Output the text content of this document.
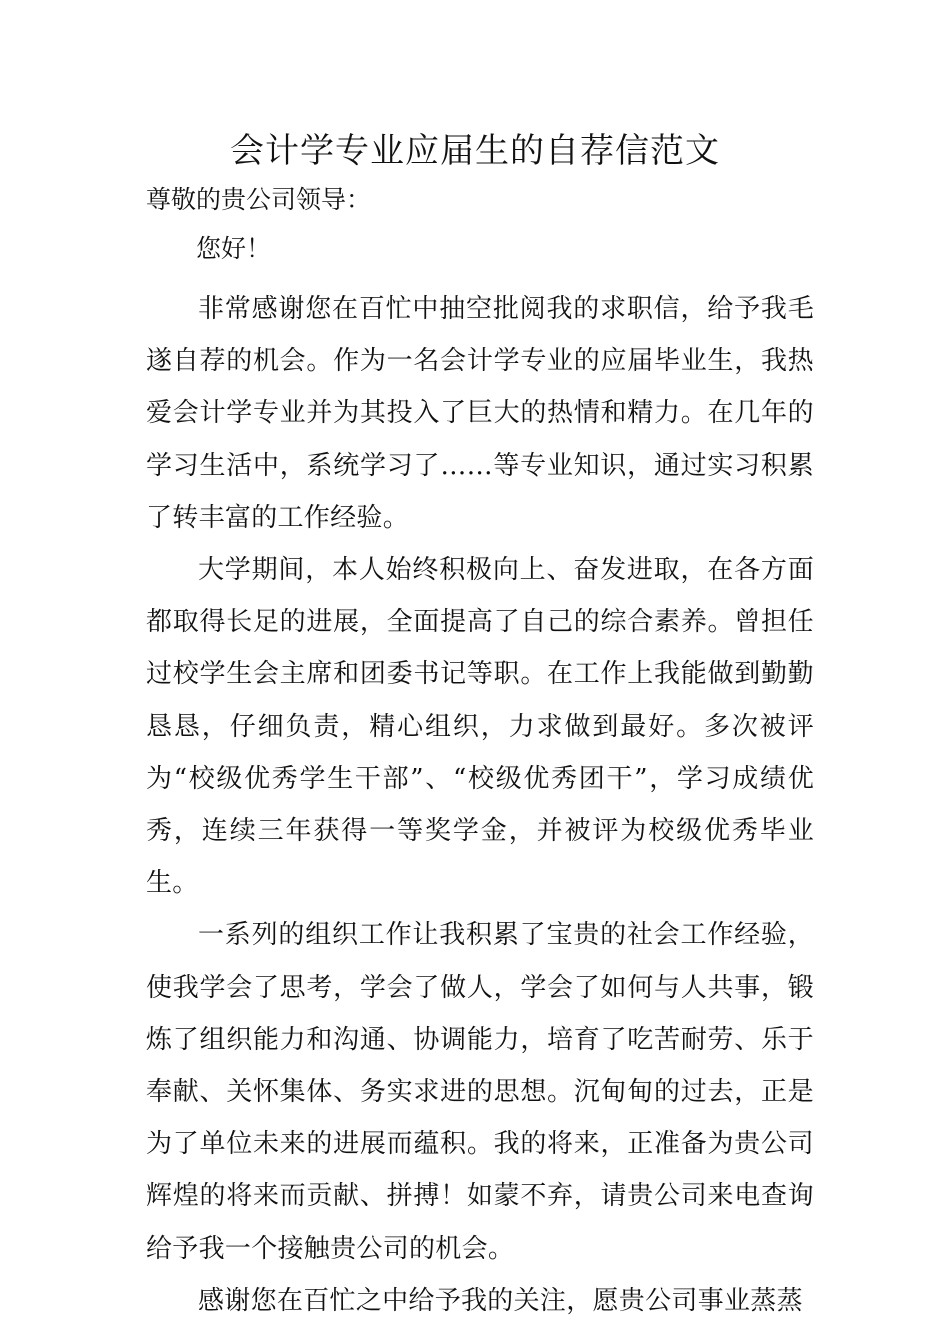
会计学专业应届生的自荐信范文

尊敬的贵公司领导：

您好！

非常感谢您在百忙中抽空批阅我的求职信，给予我毛遂自荐的机会。作为一名会计学专业的应届毕业生，我热爱会计学专业并为其投入了巨大的热情和精力。在几年的学习生活中，系统学习了……等专业知识，通过实习积累了转丰富的工作经验。

大学期间，本人始终积极向上、奋发进取，在各方面都取得长足的进展，全面提高了自己的综合素养。曾担任过校学生会主席和团委书记等职。在工作上我能做到勤勤恳恳，仔细负责，精心组织，力求做到最好。多次被评为“校级优秀学生干部”、“校级优秀团干”，学习成绩优秀，连续三年获得一等奖学金，并被评为校级优秀毕业生。

一系列的组织工作让我积累了宝贵的社会工作经验，使我学会了思考，学会了做人，学会了如何与人共事，锻炼了组织能力和沟通、协调能力，培育了吃苦耐劳、乐于奉献、关怀集体、务实求进的思想。沉甸甸的过去，正是为了单位未来的进展而蕴积。我的将来，正准备为贵公司辉煌的将来而贡献、拼搏！如蒙不弃，请贵公司来电查询给予我一个接触贵公司的机会。

感谢您在百忙之中给予我的关注，愿贵公司事业蒸蒸
